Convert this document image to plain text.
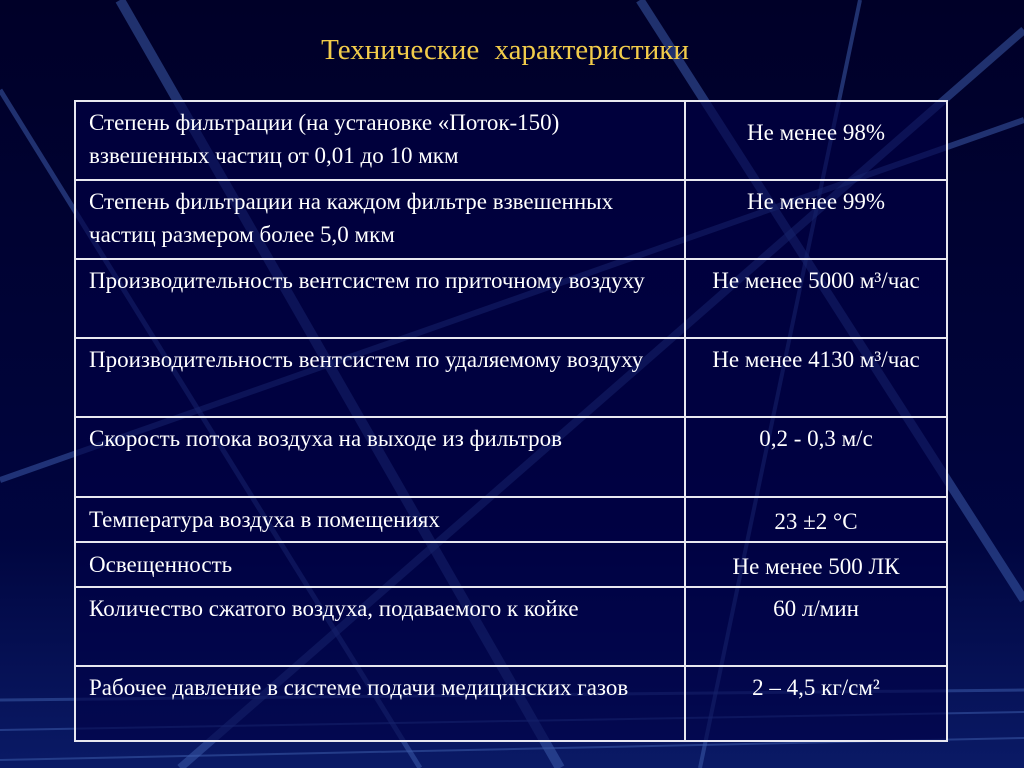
Технические характеристики
Степень фильтрации (на установке «Поток-150) взвешенных частиц от 0,01 до 10 мкм	Не менее 98%
Степень фильтрации на каждом фильтре взвешенных частиц размером более 5,0 мкм	Не менее 99%
Производительность вентсистем по приточному воздуху	Не менее 5000 м³/час
Производительность вентсистем по удаляемому воздуху	Не менее 4130 м³/час
Скорость потока воздуха на выходе из фильтров	0,2 - 0,3 м/с
Температура воздуха в помещениях	23 ±2 °С
Освещенность	Не менее 500 ЛК
Количество сжатого воздуха, подаваемого к койке	60 л/мин
Рабочее давление в системе подачи медицинских газов	2 – 4,5 кг/см²
